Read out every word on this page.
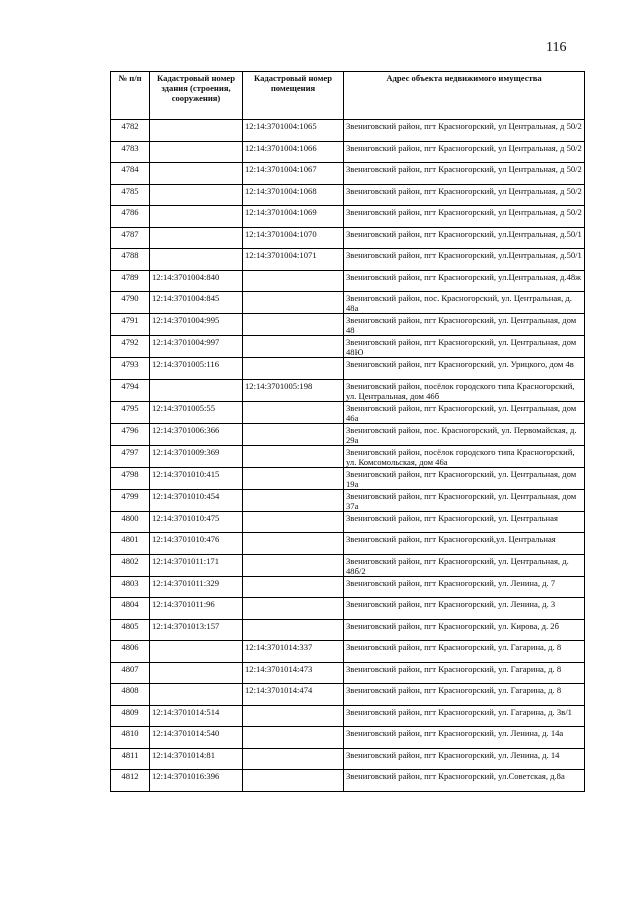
116
№ п/п	Кадастровый номер здания (строения, сооружения)	Кадастровый номер помещения	Адрес объекта недвижимого имущества
4782		12:14:3701004:1065	Звениговский район, пгт Красногорский, ул Центральная, д 50/2
4783		12:14:3701004:1066	Звениговский район, пгт Красногорский, ул Центральная, д 50/2
4784		12:14:3701004:1067	Звениговский район, пгт Красногорский, ул Центральная, д 50/2
4785		12:14:3701004:1068	Звениговский район, пгт Красногорский, ул Центральная, д 50/2
4786		12:14:3701004:1069	Звениговский район, пгт Красногорский, ул Центральная, д 50/2
4787		12:14:3701004:1070	Звениговский район, пгт Красногорский, ул.Центральная, д.50/1
4788		12:14:3701004:1071	Звениговский район, пгт Красногорский, ул.Центральная, д.50/1
4789	12:14:3701004:840		Звениговский район, пгт Красногорский, ул.Центральная, д.48ж
4790	12:14:3701004:845		Звениговский район, пос. Красногорский, ул. Центральная, д. 48а
4791	12:14:3701004:995		Звениговский район, пгт Красногорский, ул. Центральная, дом 48
4792	12:14:3701004:997		Звениговский район, пгт Красногорский, ул. Центральная, дом 48Ю
4793	12:14:3701005:116		Звениговский район, пгт Красногорский, ул. Урицкого, дом 4в
4794		12:14:3701005:198	Звениговский район, посёлок городского типа Красногорский, ул. Центральная, дом 46б
4795	12:14:3701005:55		Звениговский район, пгт Красногорский, ул. Центральная, дом 46а
4796	12:14:3701006:366		Звениговский район, пос. Красногорский, ул. Первомайская, д. 29а
4797	12:14:3701009:369		Звениговский район, посёлок городского типа Красногорский, ул. Комсомольская, дом 46а
4798	12:14:3701010:415		Звениговский район, пгт Красногорский, ул. Центральная, дом 19а
4799	12:14:3701010:454		Звениговский район, пгт Красногорский, ул. Центральная, дом 37а
4800	12:14:3701010:475		Звениговский район, пгт Красногорский, ул. Центральная
4801	12:14:3701010:476		Звениговский район, пгт Красногорский,ул. Центральная
4802	12:14:3701011:171		Звениговский район, пгт Красногорский, ул. Центральная, д. 48б/2
4803	12:14:3701011:329		Звениговский район, пгт Красногорский, ул. Ленина, д. 7
4804	12:14:3701011:96		Звениговский район, пгт Красногорский, ул. Ленина, д. 3
4805	12:14:3701013:157		Звениговский район, пгт Красногорский, ул. Кирова, д. 2б
4806		12:14:3701014:337	Звениговский район, пгт Красногорский, ул. Гагарина, д. 8
4807		12:14:3701014:473	Звениговский район, пгт Красногорский, ул. Гагарина, д. 8
4808		12:14:3701014:474	Звениговский район, пгт Красногорский, ул. Гагарина, д. 8
4809	12:14:3701014:514		Звениговский район, пгт Красногорский, ул. Гагарина, д. 3в/1
4810	12:14:3701014:540		Звениговский район, пгт Красногорский, ул. Ленина, д. 14а
4811	12:14:3701014:81		Звениговский район, пгт Красногорский, ул. Ленина, д. 14
4812	12:14:3701016:396		Звениговский район, пгт Красногорский, ул.Советская, д.8а
